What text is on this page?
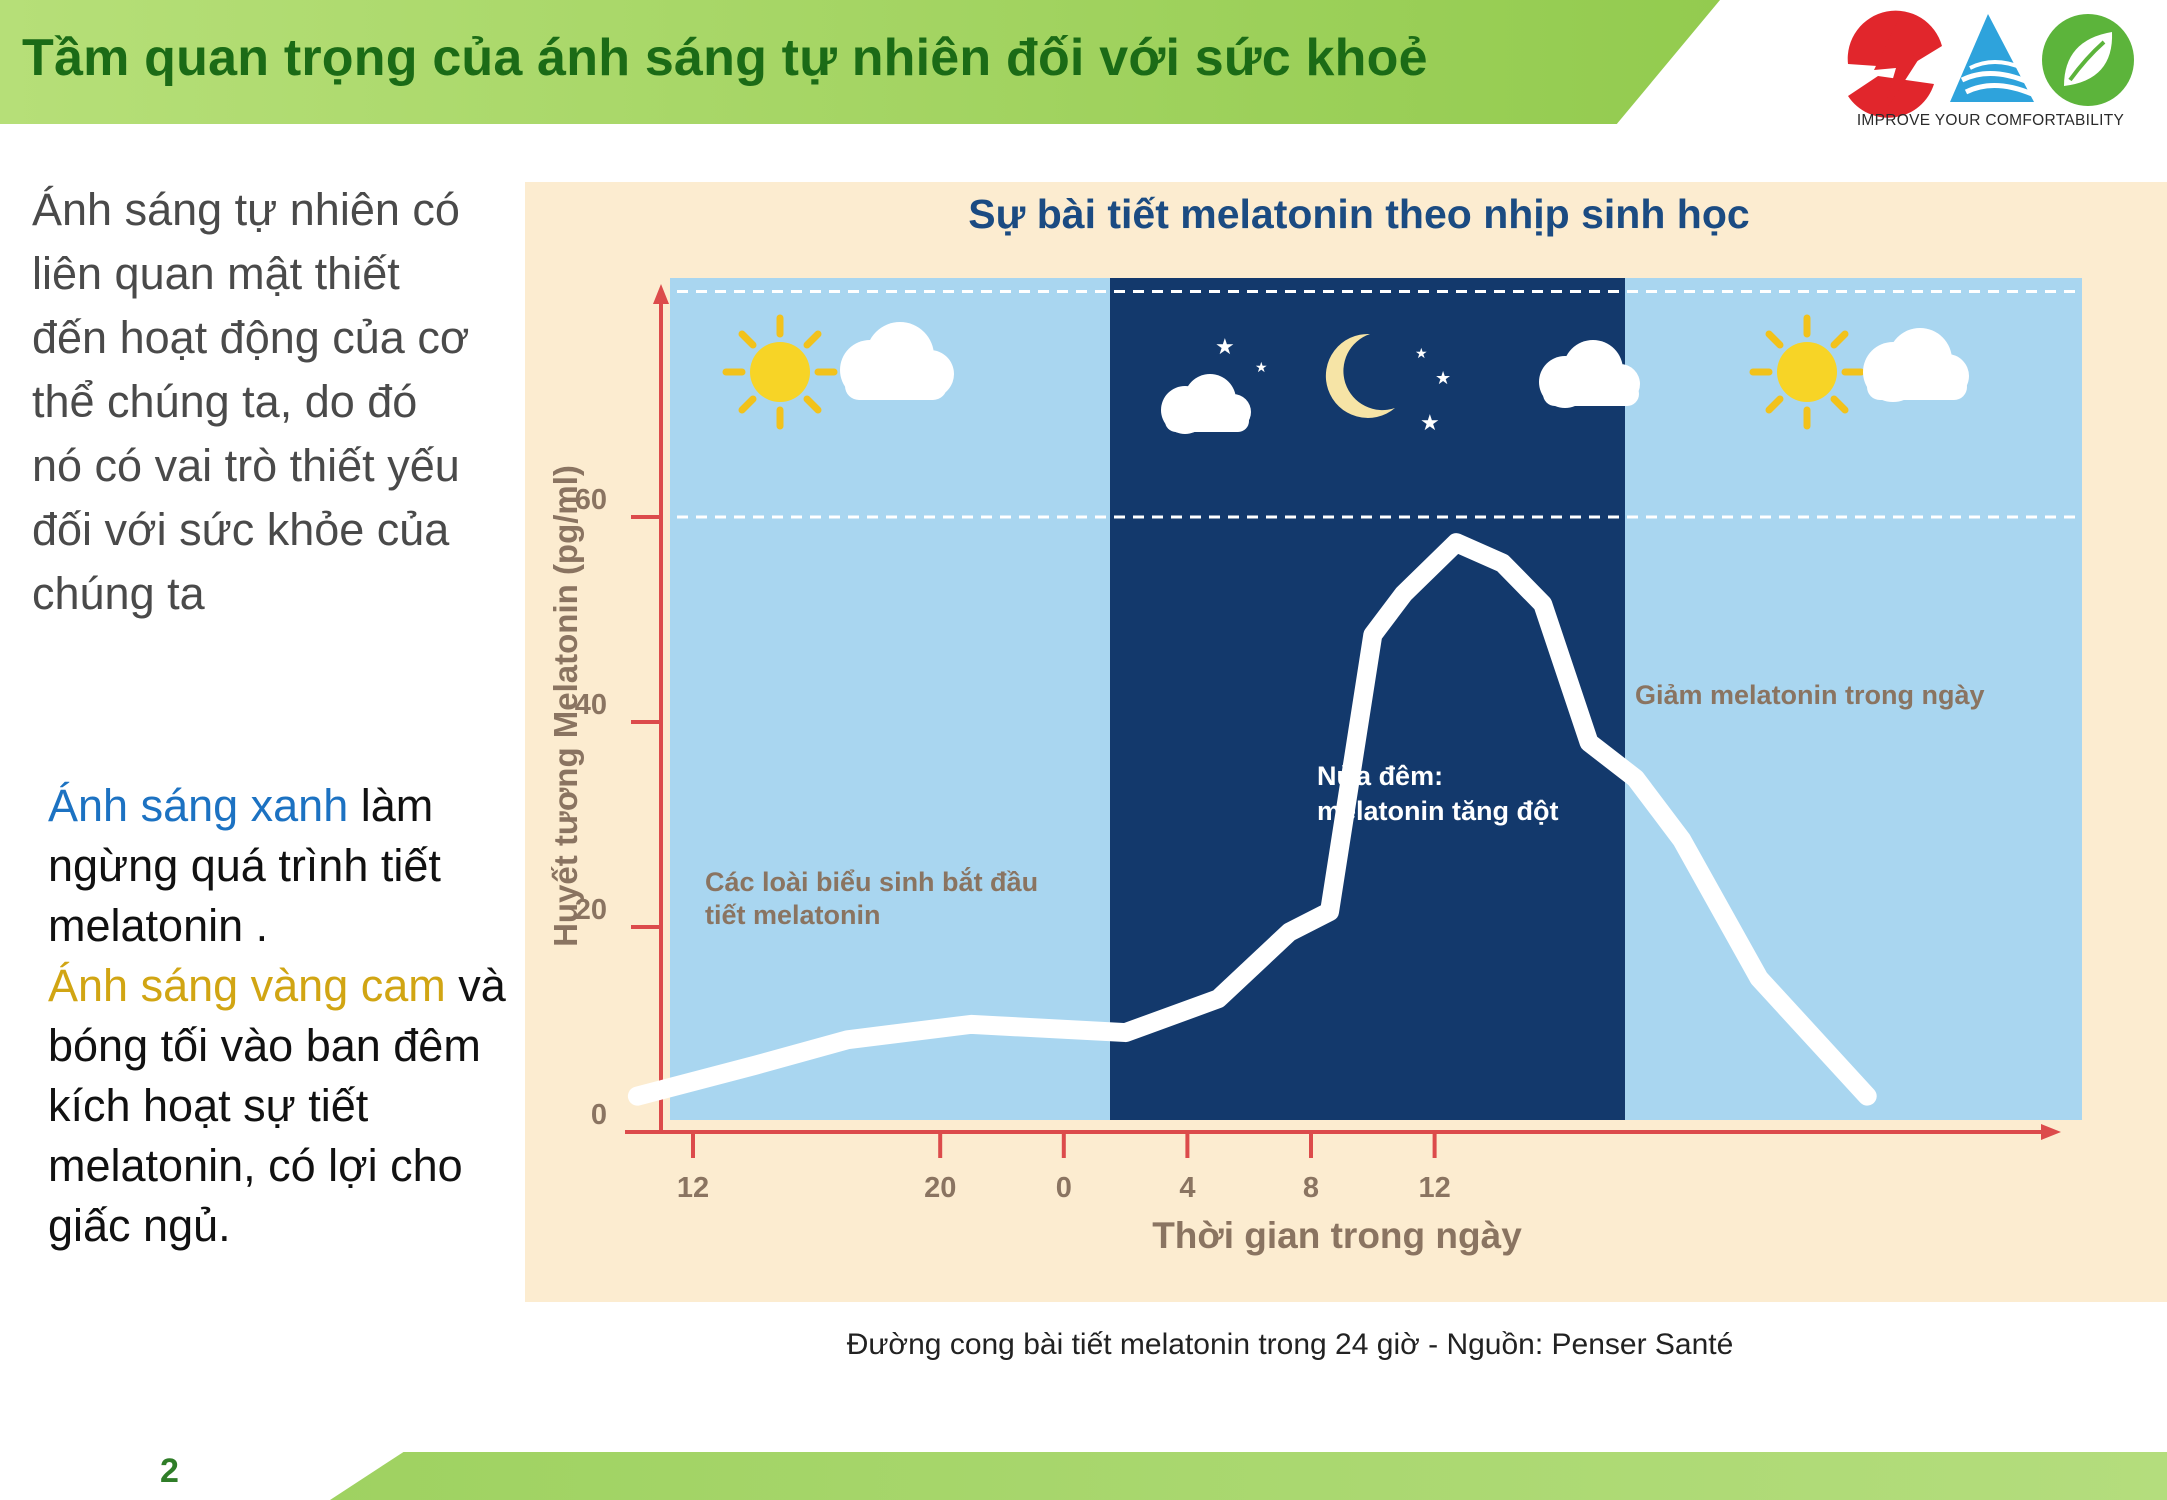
Tầm quan trọng của ánh sáng tự nhiên đối với sức khoẻ
IMPROVE YOUR COMFORTABILITY

Ánh sáng tự nhiên có liên quan mật thiết đến hoạt động của cơ thể chúng ta, do đó nó có vai trò thiết yếu đối với sức khỏe của chúng ta

Ánh sáng xanh làm ngừng quá trình tiết melatonin .
Ánh sáng vàng cam và bóng tối vào ban đêm kích hoạt sự tiết melatonin, có lợi cho giấc ngủ.

Sự bài tiết melatonin theo nhịp sinh học
★
★
★
★
★
0
20
40
60
12	20	0	4	8	12
Huyết tương Melatonin (pg/ml)
Thời gian trong ngày
Các loài biểu sinh bắt đầu tiết melatonin
Nửa đêm: melatonin tăng đột
Giảm melatonin trong ngày

Đường cong bài tiết melatonin trong 24 giờ - Nguồn: Penser Santé

2
